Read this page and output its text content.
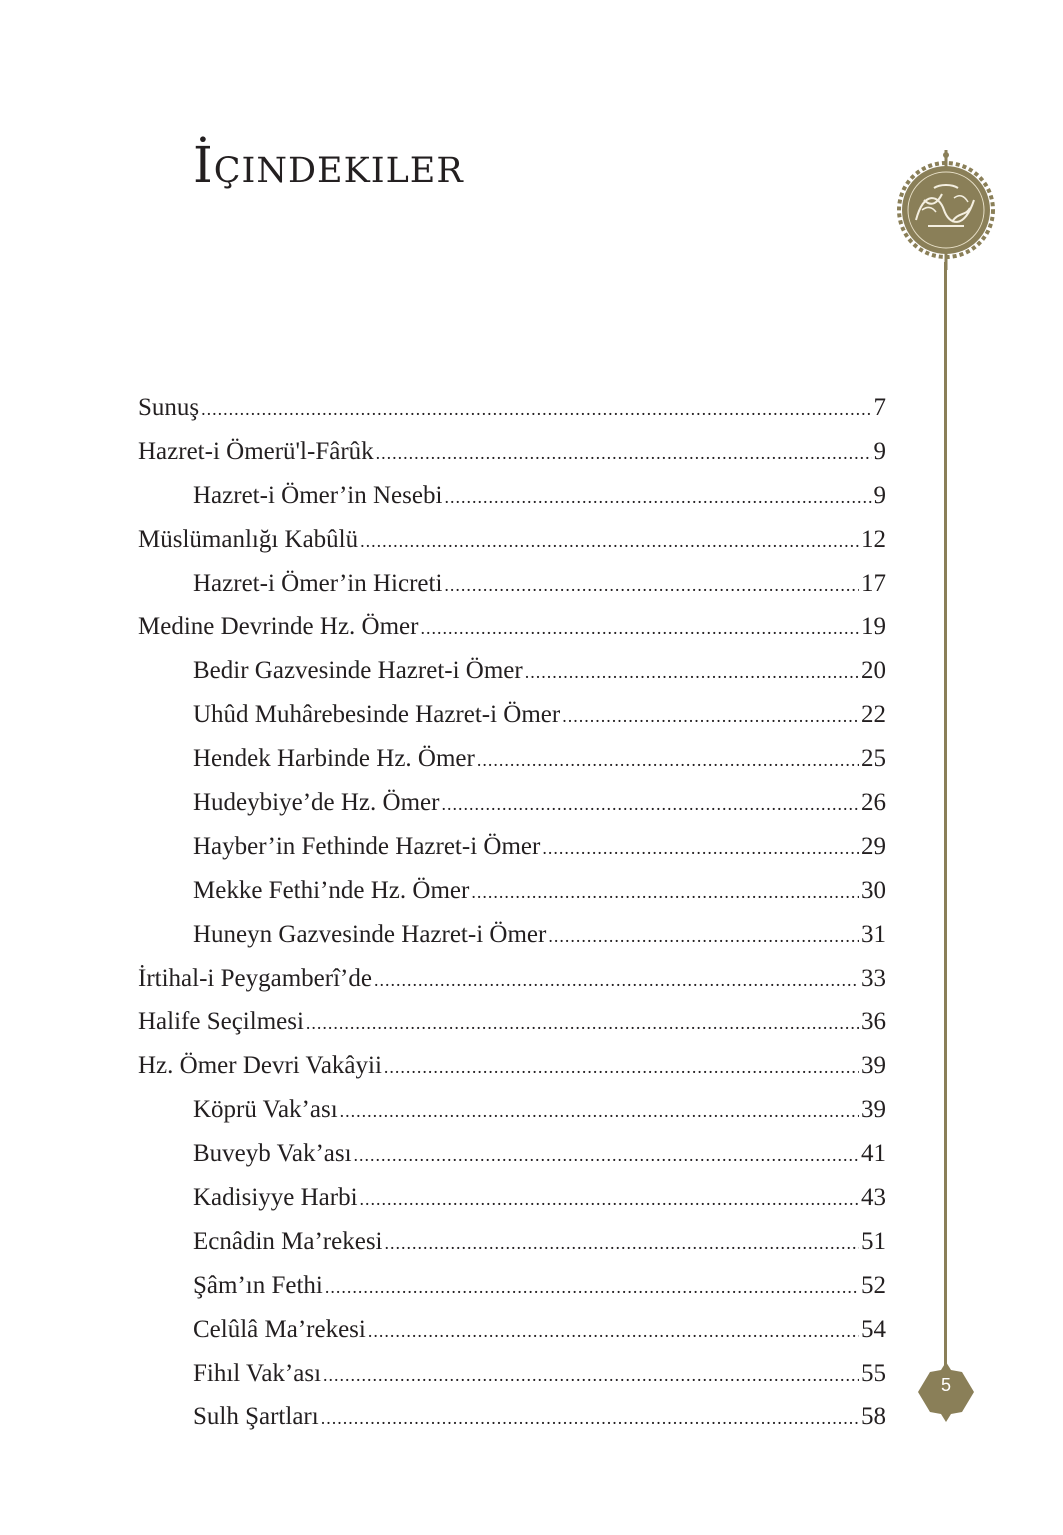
İçindekiler
5
Sunuş .....	7
Hazret-i Ömerü'l-Fârûk .....	9
Hazret-i Ömer’in Nesebi .....	9
Müslümanlığı Kabûlü .....	12
Hazret-i Ömer’in Hicreti .....	17
Medine Devrinde Hz. Ömer .....	19
Bedir Gazvesinde Hazret-i Ömer .....	20
Uhûd Muhârebesinde Hazret-i Ömer .....	22
Hendek Harbinde Hz. Ömer .....	25
Hudeybiye’de Hz. Ömer .....	26
Hayber’in Fethinde Hazret-i Ömer .....	29
Mekke Fethi’nde Hz. Ömer .....	30
Huneyn Gazvesinde Hazret-i Ömer .....	31
İrtihal-i Peygamberî’de .....	33
Halife Seçilmesi .....	36
Hz. Ömer Devri Vakâyii .....	39
Köprü Vak’ası .....	39
Buveyb Vak’ası .....	41
Kadisiyye Harbi .....	43
Ecnâdin Ma’rekesi .....	51
Şâm’ın Fethi .....	52
Celûlâ Ma’rekesi .....	54
Fihıl Vak’ası .....	55
Sulh Şartları .....	58
